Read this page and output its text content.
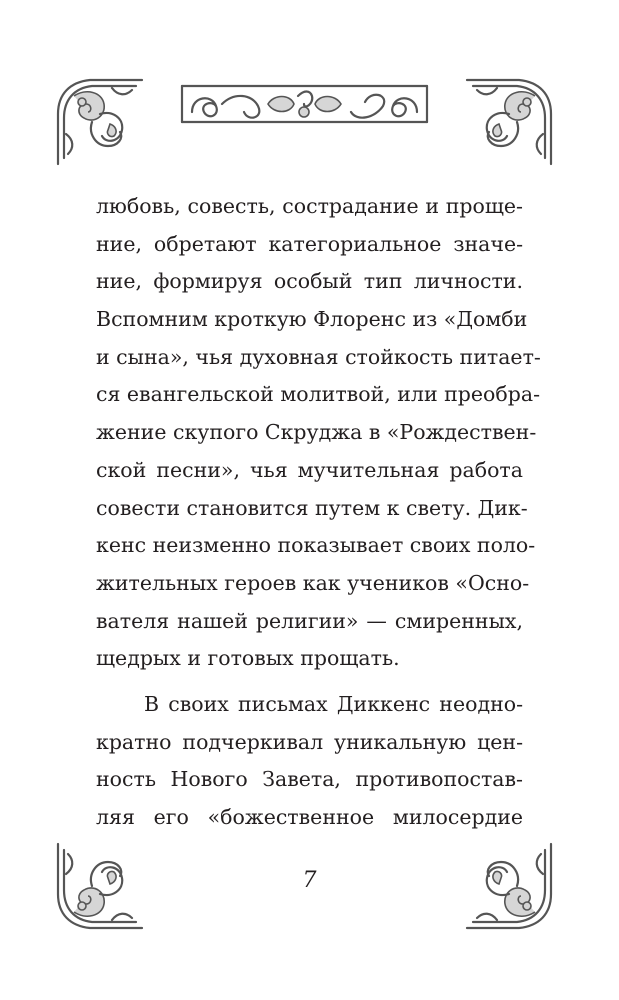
любовь, совесть, сострадание и проще-
ние, обретают категориальное значе-
ние, формируя особый тип личности.
Вспомним кроткую Флоренс из «Домби
и сына», чья духовная стойкость питает-
ся евангельской молитвой, или преобра-
жение скупого Скруджа в «Рождествен-
ской песни», чья мучительная работа
совести становится путем к свету. Дик-
кенс неизменно показывает своих поло-
жительных героев как учеников «Осно-
вателя нашей религии» — смиренных,
щедрых и готовых прощать.
В своих письмах Диккенс неодно-
кратно подчеркивал уникальную цен-
ность Нового Завета, противопостав-
ляя его «божественное милосердие
7
